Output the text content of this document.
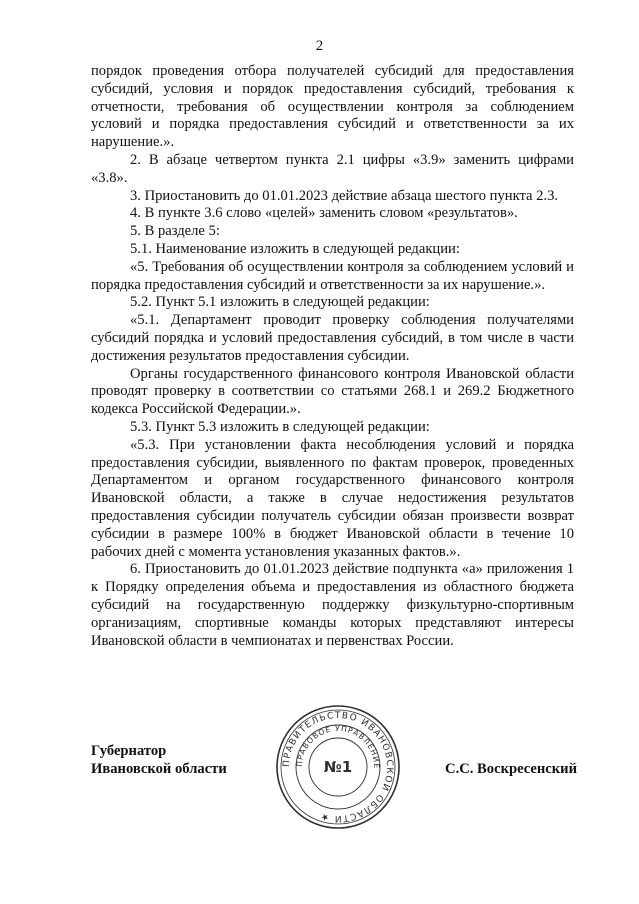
2

порядок проведения отбора получателей субсидий для предоставления субсидий, условия и порядок предоставления субсидий, требования к отчетности, требования об осуществлении контроля за соблюдением условий и порядка предоставления субсидий и ответственности за их нарушение.».

2. В абзаце четвертом пункта 2.1 цифры «3.9» заменить цифрами «3.8».

3. Приостановить до 01.01.2023 действие абзаца шестого пункта 2.3.

4. В пункте 3.6 слово «целей» заменить словом «результатов».

5. В разделе 5:

5.1. Наименование изложить в следующей редакции:

«5. Требования об осуществлении контроля за соблюдением условий и порядка предоставления субсидий и ответственности за их нарушение.».

5.2. Пункт 5.1 изложить в следующей редакции:

«5.1. Департамент проводит проверку соблюдения получателями субсидий порядка и условий предоставления субсидий, в том числе в части достижения результатов предоставления субсидии.

Органы государственного финансового контроля Ивановской области проводят проверку в соответствии со статьями 268.1 и 269.2 Бюджетного кодекса Российской Федерации.».

5.3. Пункт 5.3 изложить в следующей редакции:

«5.3. При установлении факта несоблюдения условий и порядка предоставления субсидии, выявленного по фактам проверок, проведенных Департаментом и органом государственного финансового контроля Ивановской области, а также в случае недостижения результатов предоставления субсидии получатель субсидии обязан произвести возврат субсидии в размере 100% в бюджет Ивановской области в течение 10 рабочих дней с момента установления указанных фактов.».

6. Приостановить до 01.01.2023 действие подпункта «а» приложения 1 к Порядку определения объема и предоставления из областного бюджета субсидий на государственную поддержку физкультурно-спортивным организациям, спортивные команды которых представляют интересы Ивановской области в чемпионатах и первенствах России.

Губернатор
Ивановской области	С.С. Воскресенский
ПРАВИТЕЛЬСТВО ИВАНОВСКОЙ ОБЛАСТИ ★
ПРАВОВОЕ УПРАВЛЕНИЕ
№1
